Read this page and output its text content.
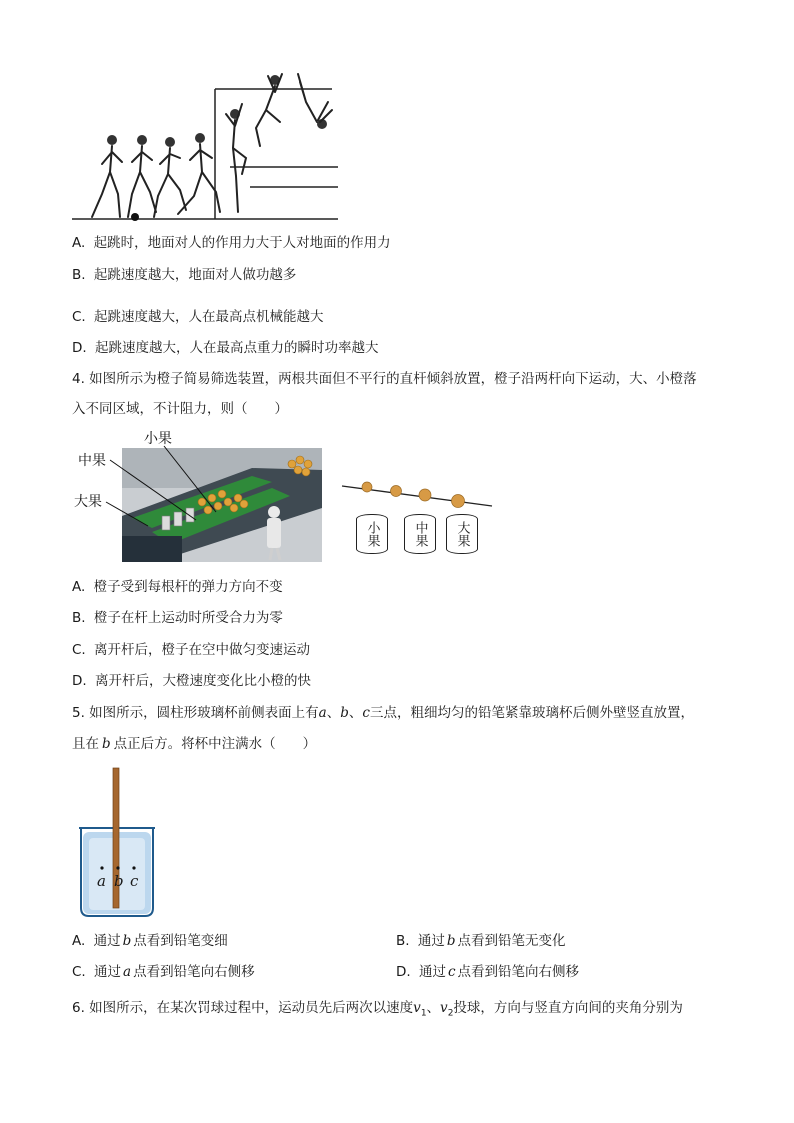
A. 起跳时，地面对人的作用力大于人对地面的作用力
B. 起跳速度越大，地面对人做功越多
C. 起跳速度越大，人在最高点机械能越大
D. 起跳速度越大，人在最高点重力的瞬时功率越大
4. 如图所示为橙子简易筛选装置，两根共面但不平行的直杆倾斜放置，橙子沿两杆向下运动，大、小橙落
入不同区域，不计阻力，则（　　）
小果
中果
大果
小果	中果	大果
A. 橙子受到每根杆的弹力方向不变
B. 橙子在杆上运动时所受合力为零
C. 离开杆后，橙子在空中做匀变速运动
D. 离开杆后，大橙速度变化比小橙的快
5. 如图所示，圆柱形玻璃杯前侧表面上有a、b、c三点，粗细均匀的铅笔紧靠玻璃杯后侧外壁竖直放置，
且在 b 点正后方。将杯中注满水（　　）
a b c
A. 通过 b 点看到铅笔变细	B. 通过 b 点看到铅笔无变化
C. 通过 a 点看到铅笔向右侧移	D. 通过 c 点看到铅笔向右侧移
6. 如图所示，在某次罚球过程中，运动员先后两次以速度$v_1$、$v_2$投球，方向与竖直方向间的夹角分别为
